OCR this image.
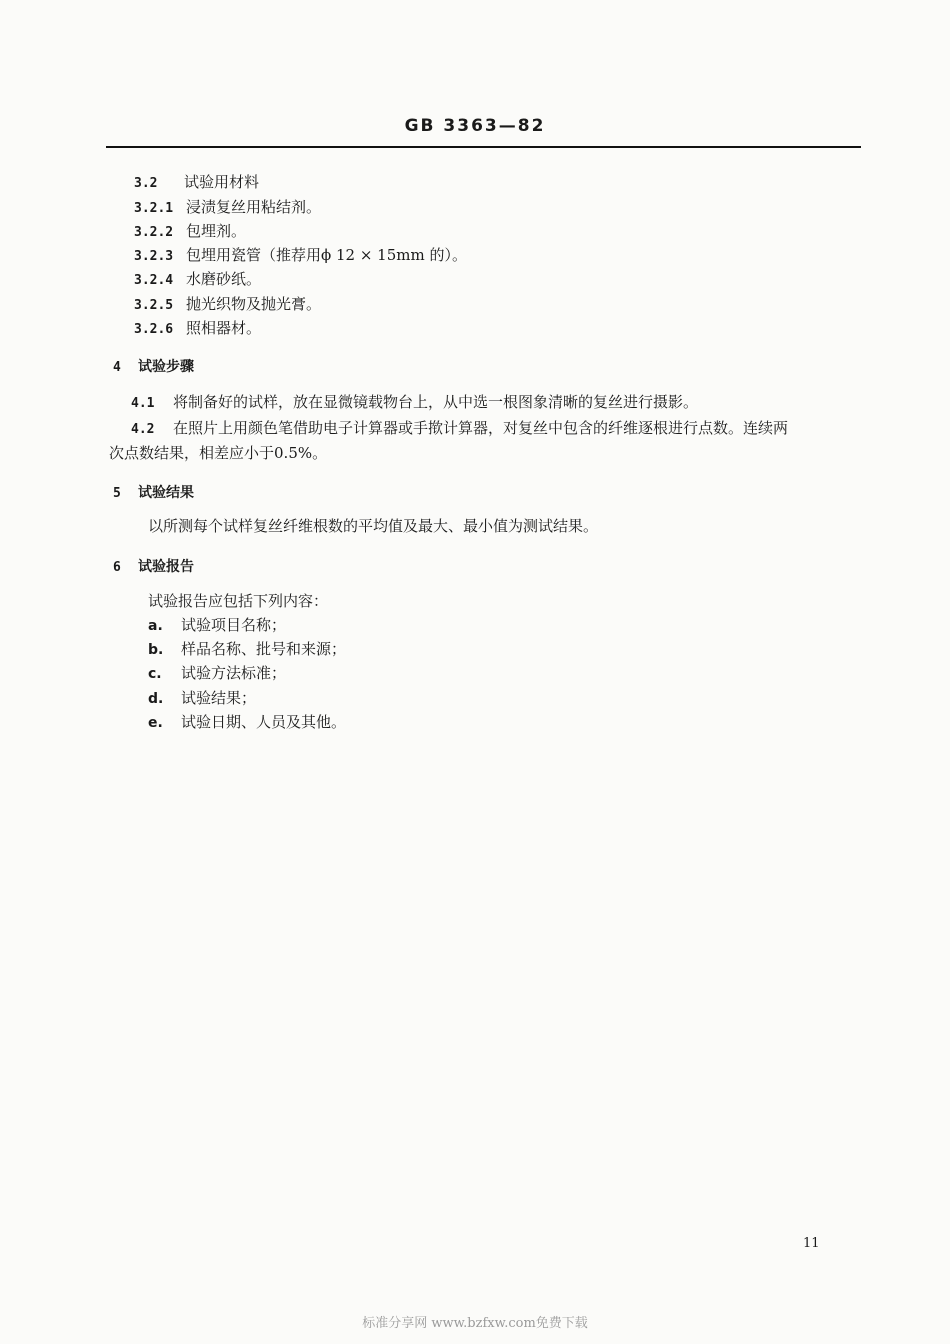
GB 3363—82
3.2 试验用材料
3.2.1 浸渍复丝用粘结剂。
3.2.2 包埋剂。
3.2.3 包埋用瓷管（推荐用ϕ 12 × 15mm 的）。
3.2.4 水磨砂纸。
3.2.5 抛光织物及抛光膏。
3.2.6 照相器材。
4 试验步骤
4.1 将制备好的试样，放在显微镜载物台上，从中选一根图象清晰的复丝进行摄影。
4.2 在照片上用颜色笔借助电子计算器或手揿计算器，对复丝中包含的纤维逐根进行点数。连续两
次点数结果，相差应小于0.5%。
5 试验结果
以所测每个试样复丝纤维根数的平均值及最大、最小值为测试结果。
6 试验报告
试验报告应包括下列内容：
a. 试验项目名称；
b. 样品名称、批号和来源；
c. 试验方法标准；
d. 试验结果；
e. 试验日期、人员及其他。
11
标准分享网 www.bzfxw.com免费下载
